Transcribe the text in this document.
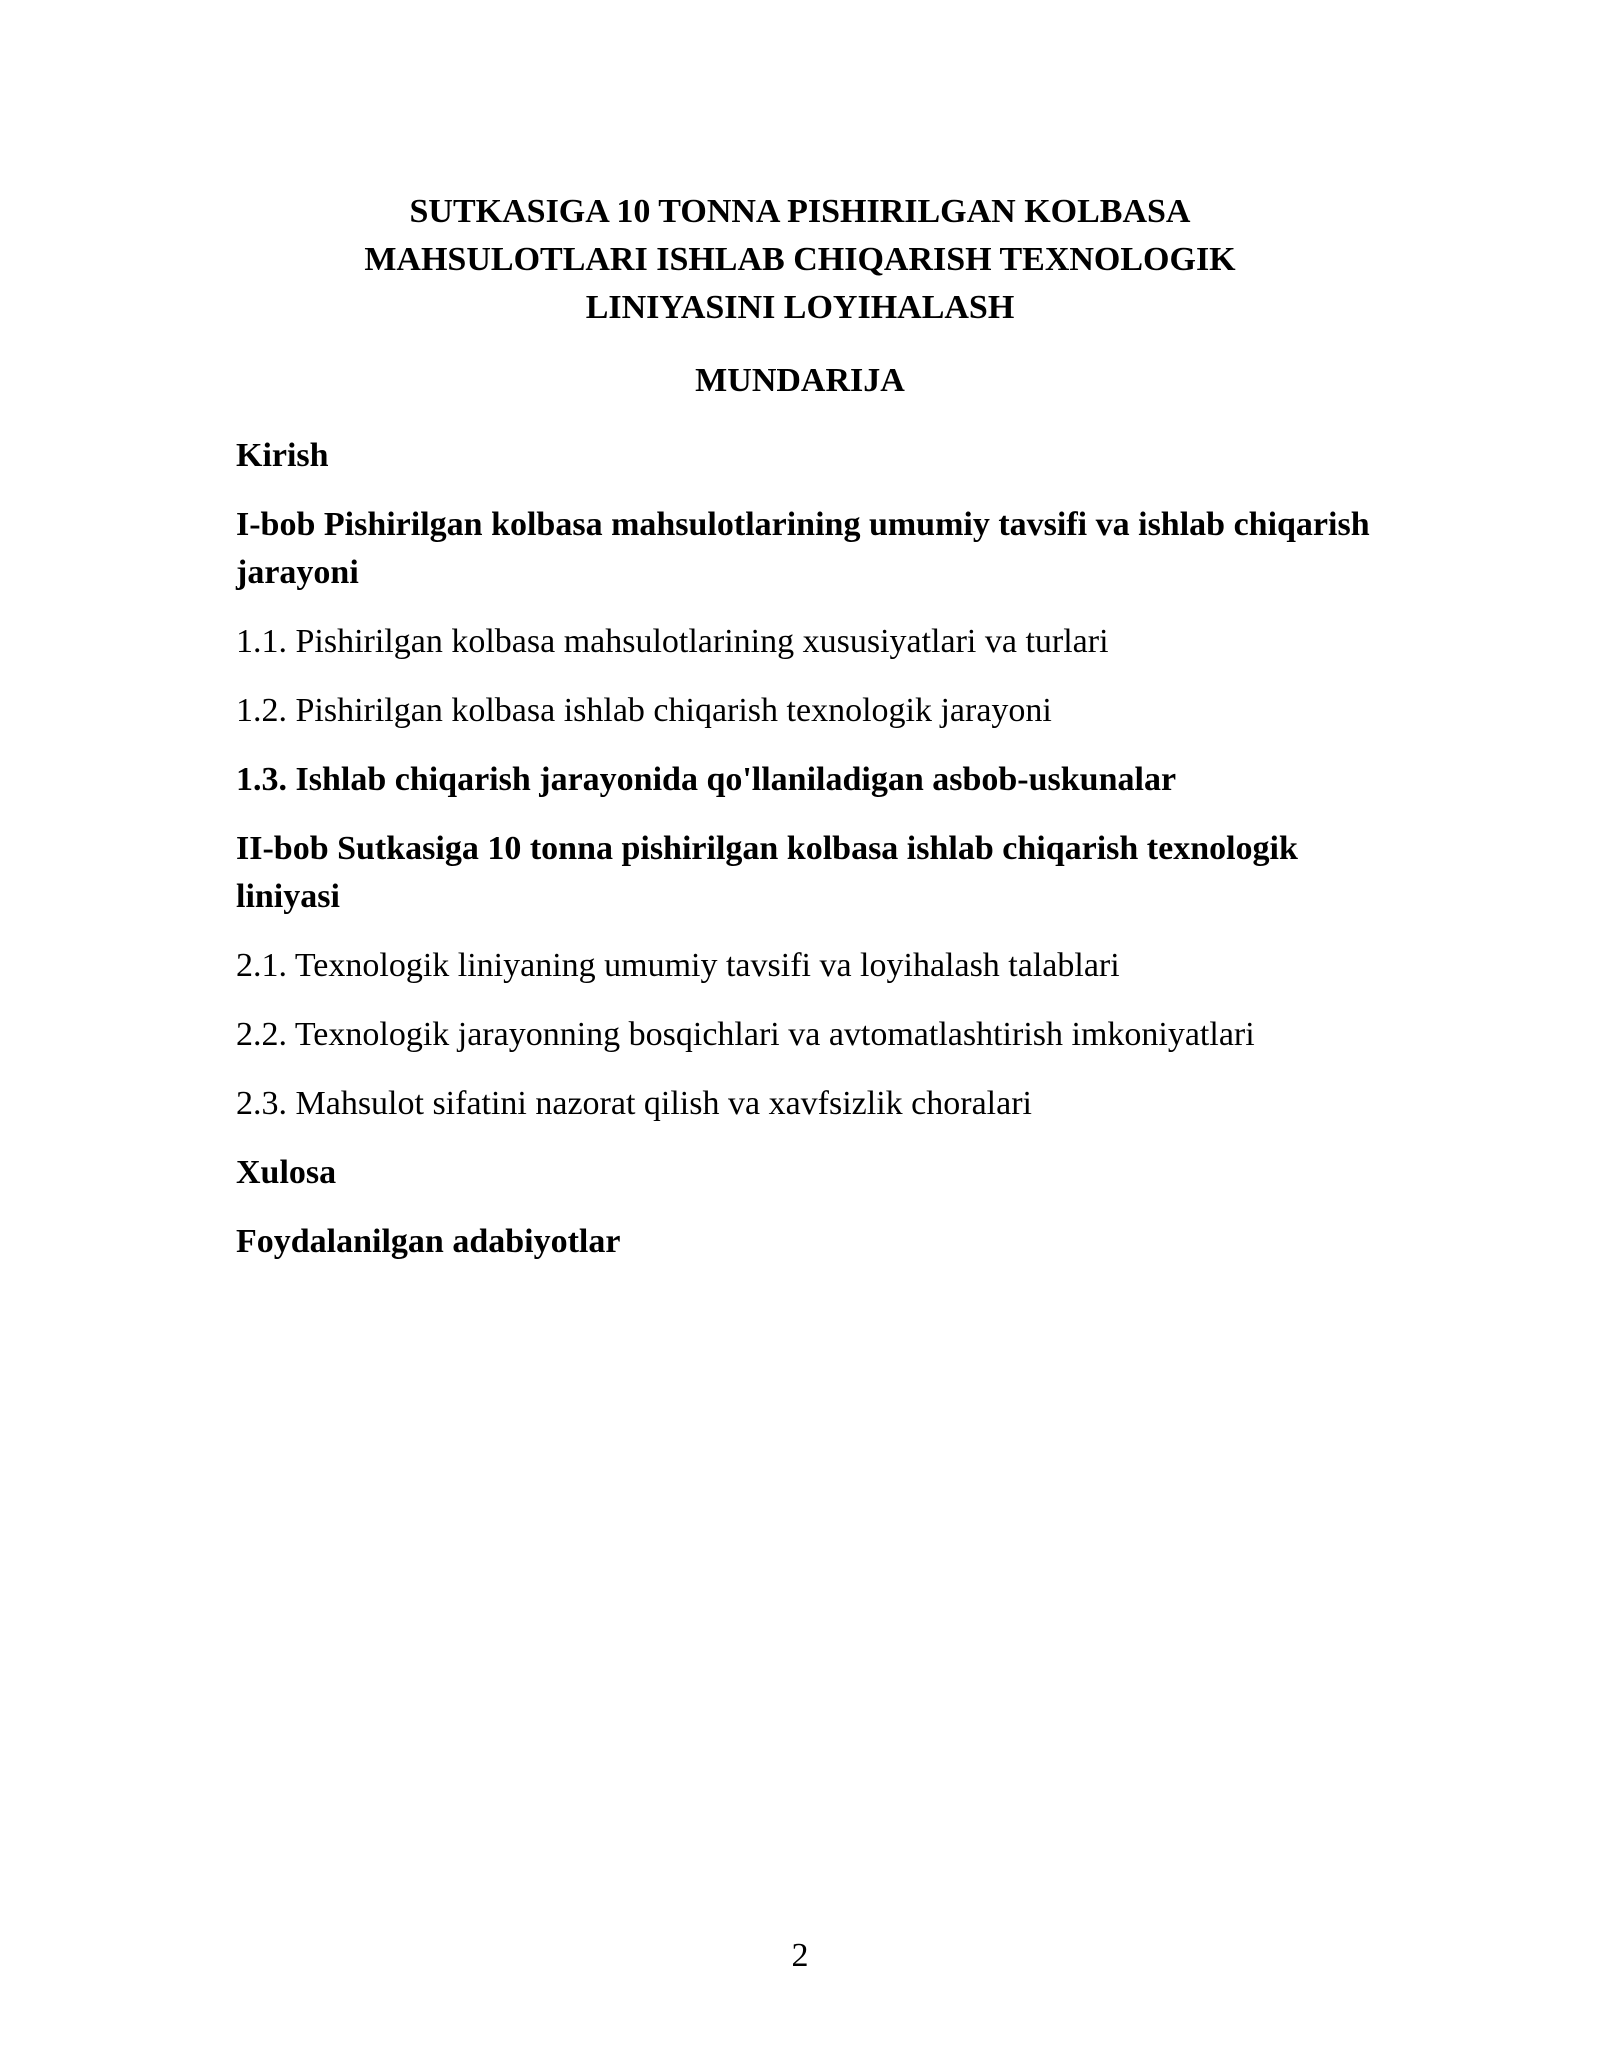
SUTKASIGA 10 TONNA PISHIRILGAN KOLBASA
MAHSULOTLARI ISHLAB CHIQARISH TEXNOLOGIK
LINIYASINI LOYIHALASH
MUNDARIJA
Kirish
I-bob Pishirilgan kolbasa mahsulotlarining umumiy tavsifi va ishlab chiqarish jarayoni
1.1. Pishirilgan kolbasa mahsulotlarining xususiyatlari va turlari
1.2. Pishirilgan kolbasa ishlab chiqarish texnologik jarayoni
1.3. Ishlab chiqarish jarayonida qo'llaniladigan asbob-uskunalar
II-bob Sutkasiga 10 tonna pishirilgan kolbasa ishlab chiqarish texnologik liniyasi
2.1. Texnologik liniyaning umumiy tavsifi va loyihalash talablari
2.2. Texnologik jarayonning bosqichlari va avtomatlashtirish imkoniyatlari
2.3. Mahsulot sifatini nazorat qilish va xavfsizlik choralari
Xulosa
Foydalanilgan adabiyotlar
2
